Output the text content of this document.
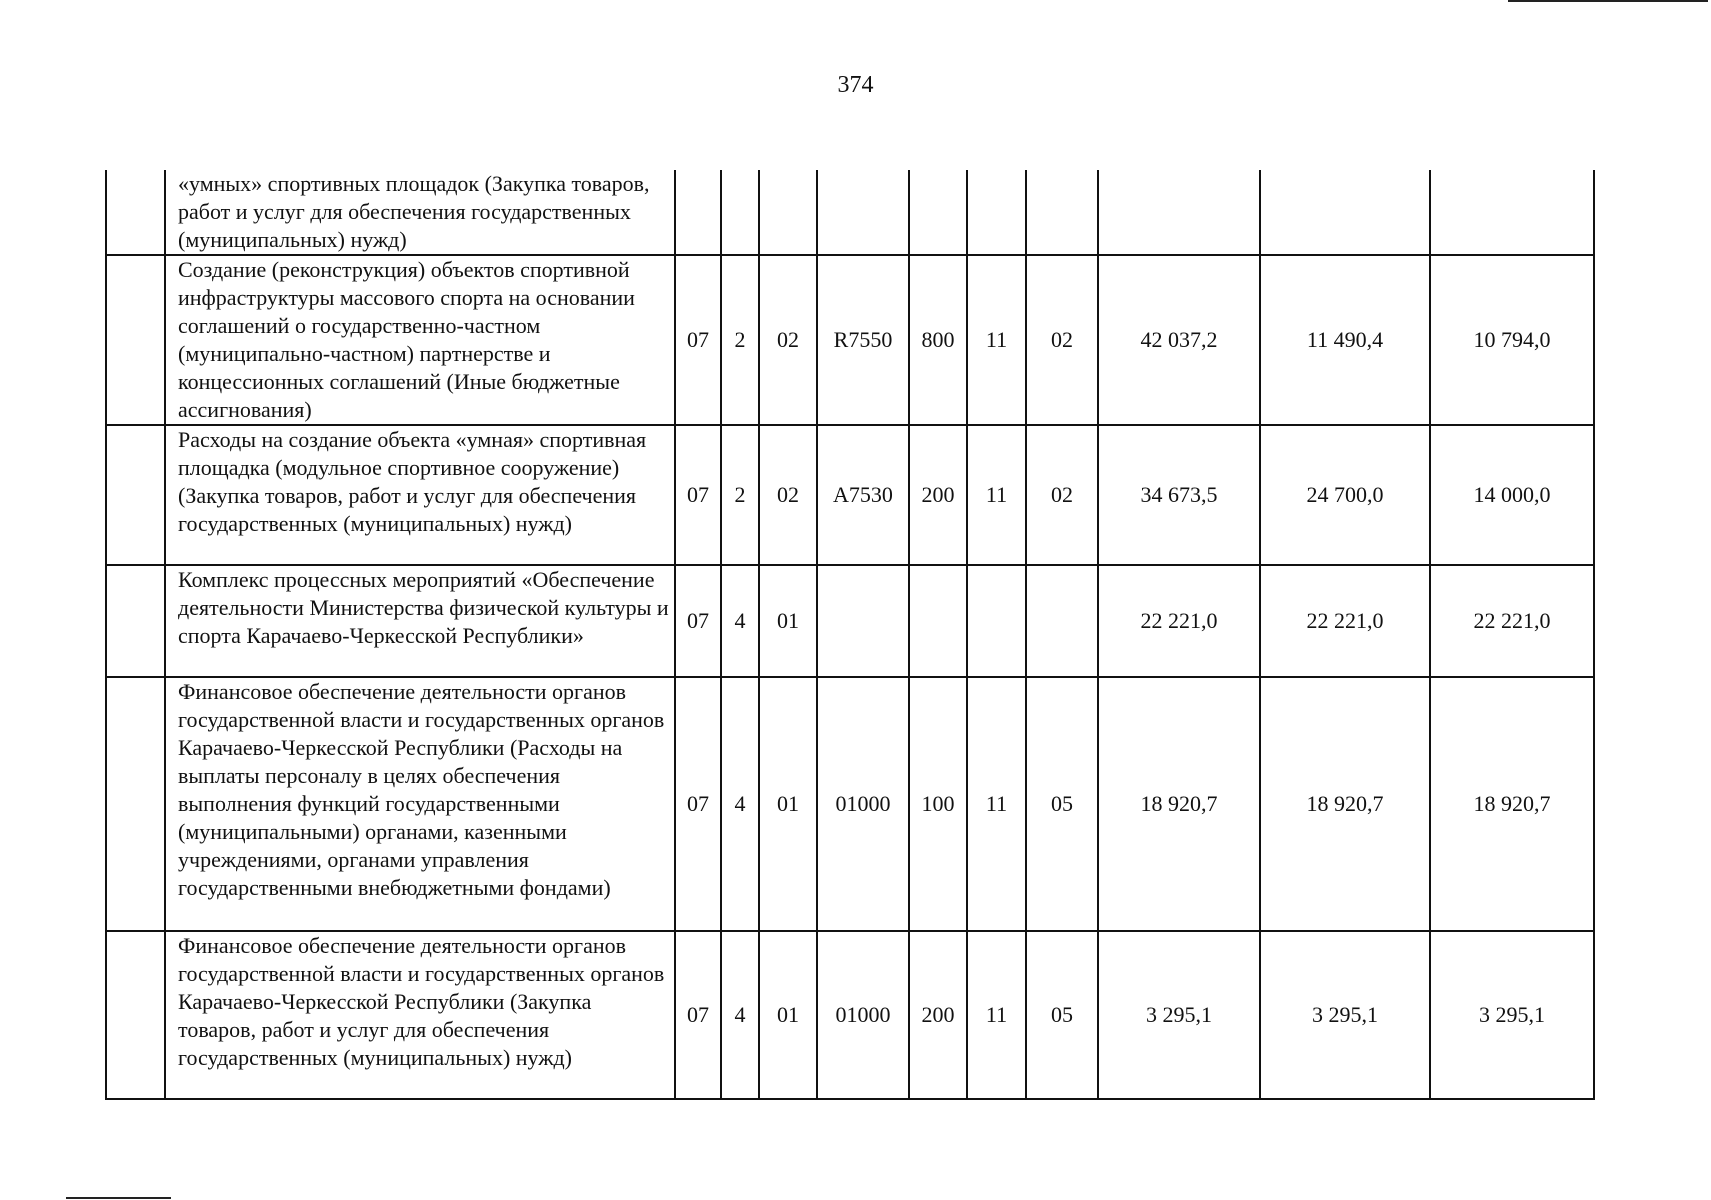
374
	«умных» спортивных площадок (Закупка товаров, работ и услуг для обеспечения государственных (муниципальных) нужд)										
	Создание (реконструкция) объектов спортивной инфраструктуры массового спорта на основании соглашений о государственно-частном (муниципально-частном) партнерстве и концессионных соглашений (Иные бюджетные ассигнования)	07	2	02	R7550	800	11	02	42 037,2	11 490,4	10 794,0
	Расходы на создание объекта «умная» спортивная площадка (модульное спортивное сооружение) (Закупка товаров, работ и услуг для обеспечения государственных (муниципальных) нужд)	07	2	02	A7530	200	11	02	34 673,5	24 700,0	14 000,0
	Комплекс процессных мероприятий «Обеспечение деятельности Министерства физической культуры и спорта Карачаево-Черкесской Республики»	07	4	01					22 221,0	22 221,0	22 221,0
	Финансовое обеспечение деятельности органов государственной власти и государственных органов Карачаево-Черкесской Республики (Расходы на выплаты персоналу в целях обеспечения выполнения функций государственными (муниципальными) органами, казенными учреждениями, органами управления государственными внебюджетными фондами)	07	4	01	01000	100	11	05	18 920,7	18 920,7	18 920,7
	Финансовое обеспечение деятельности органов государственной власти и государственных органов Карачаево-Черкесской Республики (Закупка товаров, работ и услуг для обеспечения государственных (муниципальных) нужд)	07	4	01	01000	200	11	05	3 295,1	3 295,1	3 295,1
